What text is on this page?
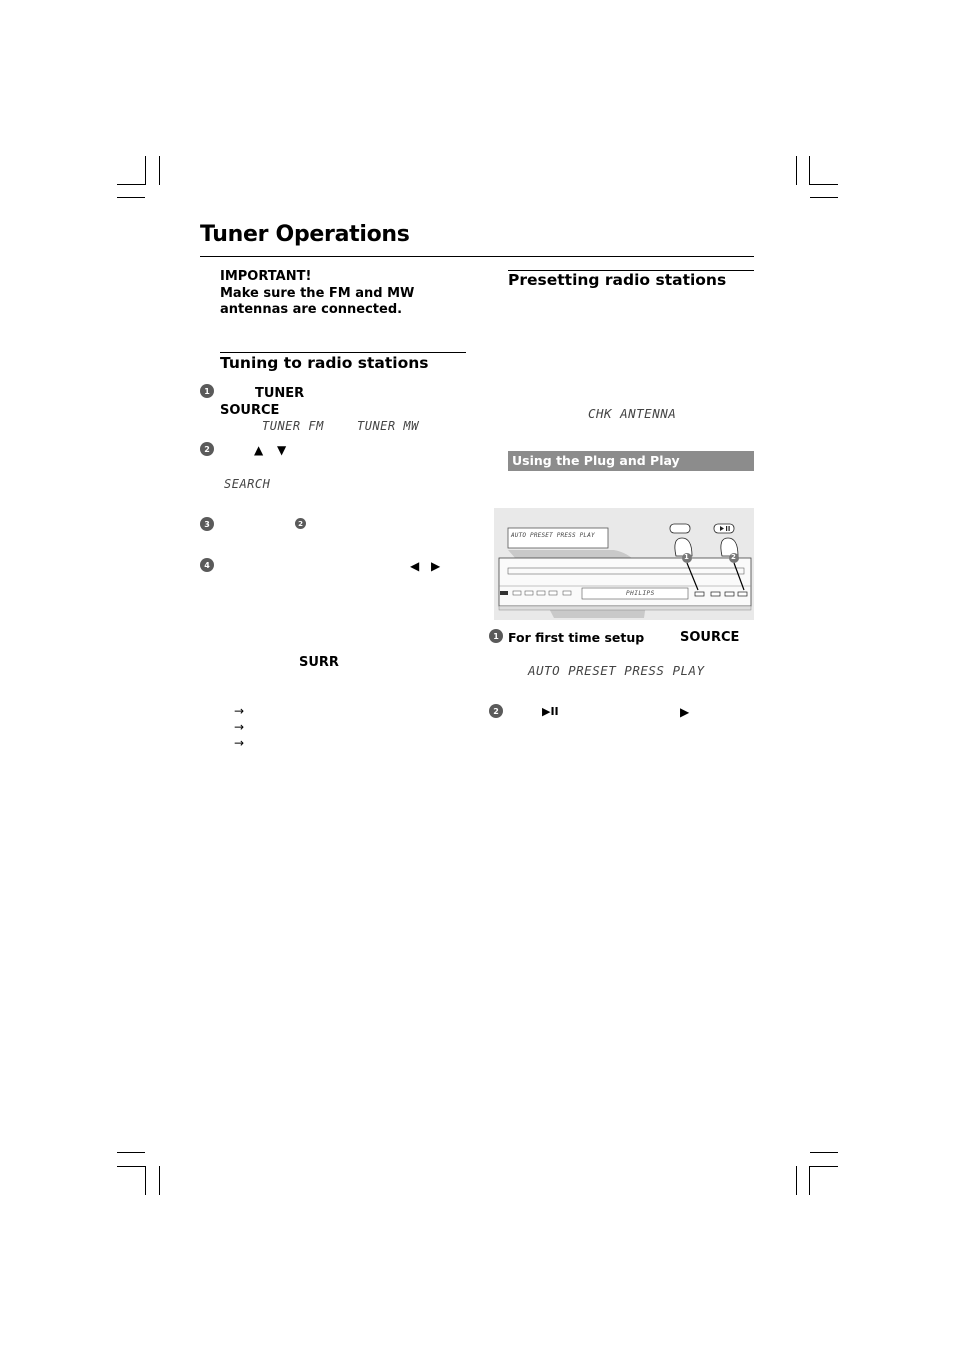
Tuner Operations
IMPORTANT!
Make sure the FM and MW
antennas are connected.
Tuning to radio stations
1	TUNER
SOURCE
TUNER FM	TUNER MW
2	▲ ▼
SEARCH
3	2
4	◀ ▶
SURR
→
→
→
Presetting radio stations
CHK ANTENNA
Using the Plug and Play
AUTO PRESET PRESS PLAY
PHILIPS
1	2
1 For first time setup	SOURCE
AUTO PRESET PRESS PLAY
2	▶II	▶
